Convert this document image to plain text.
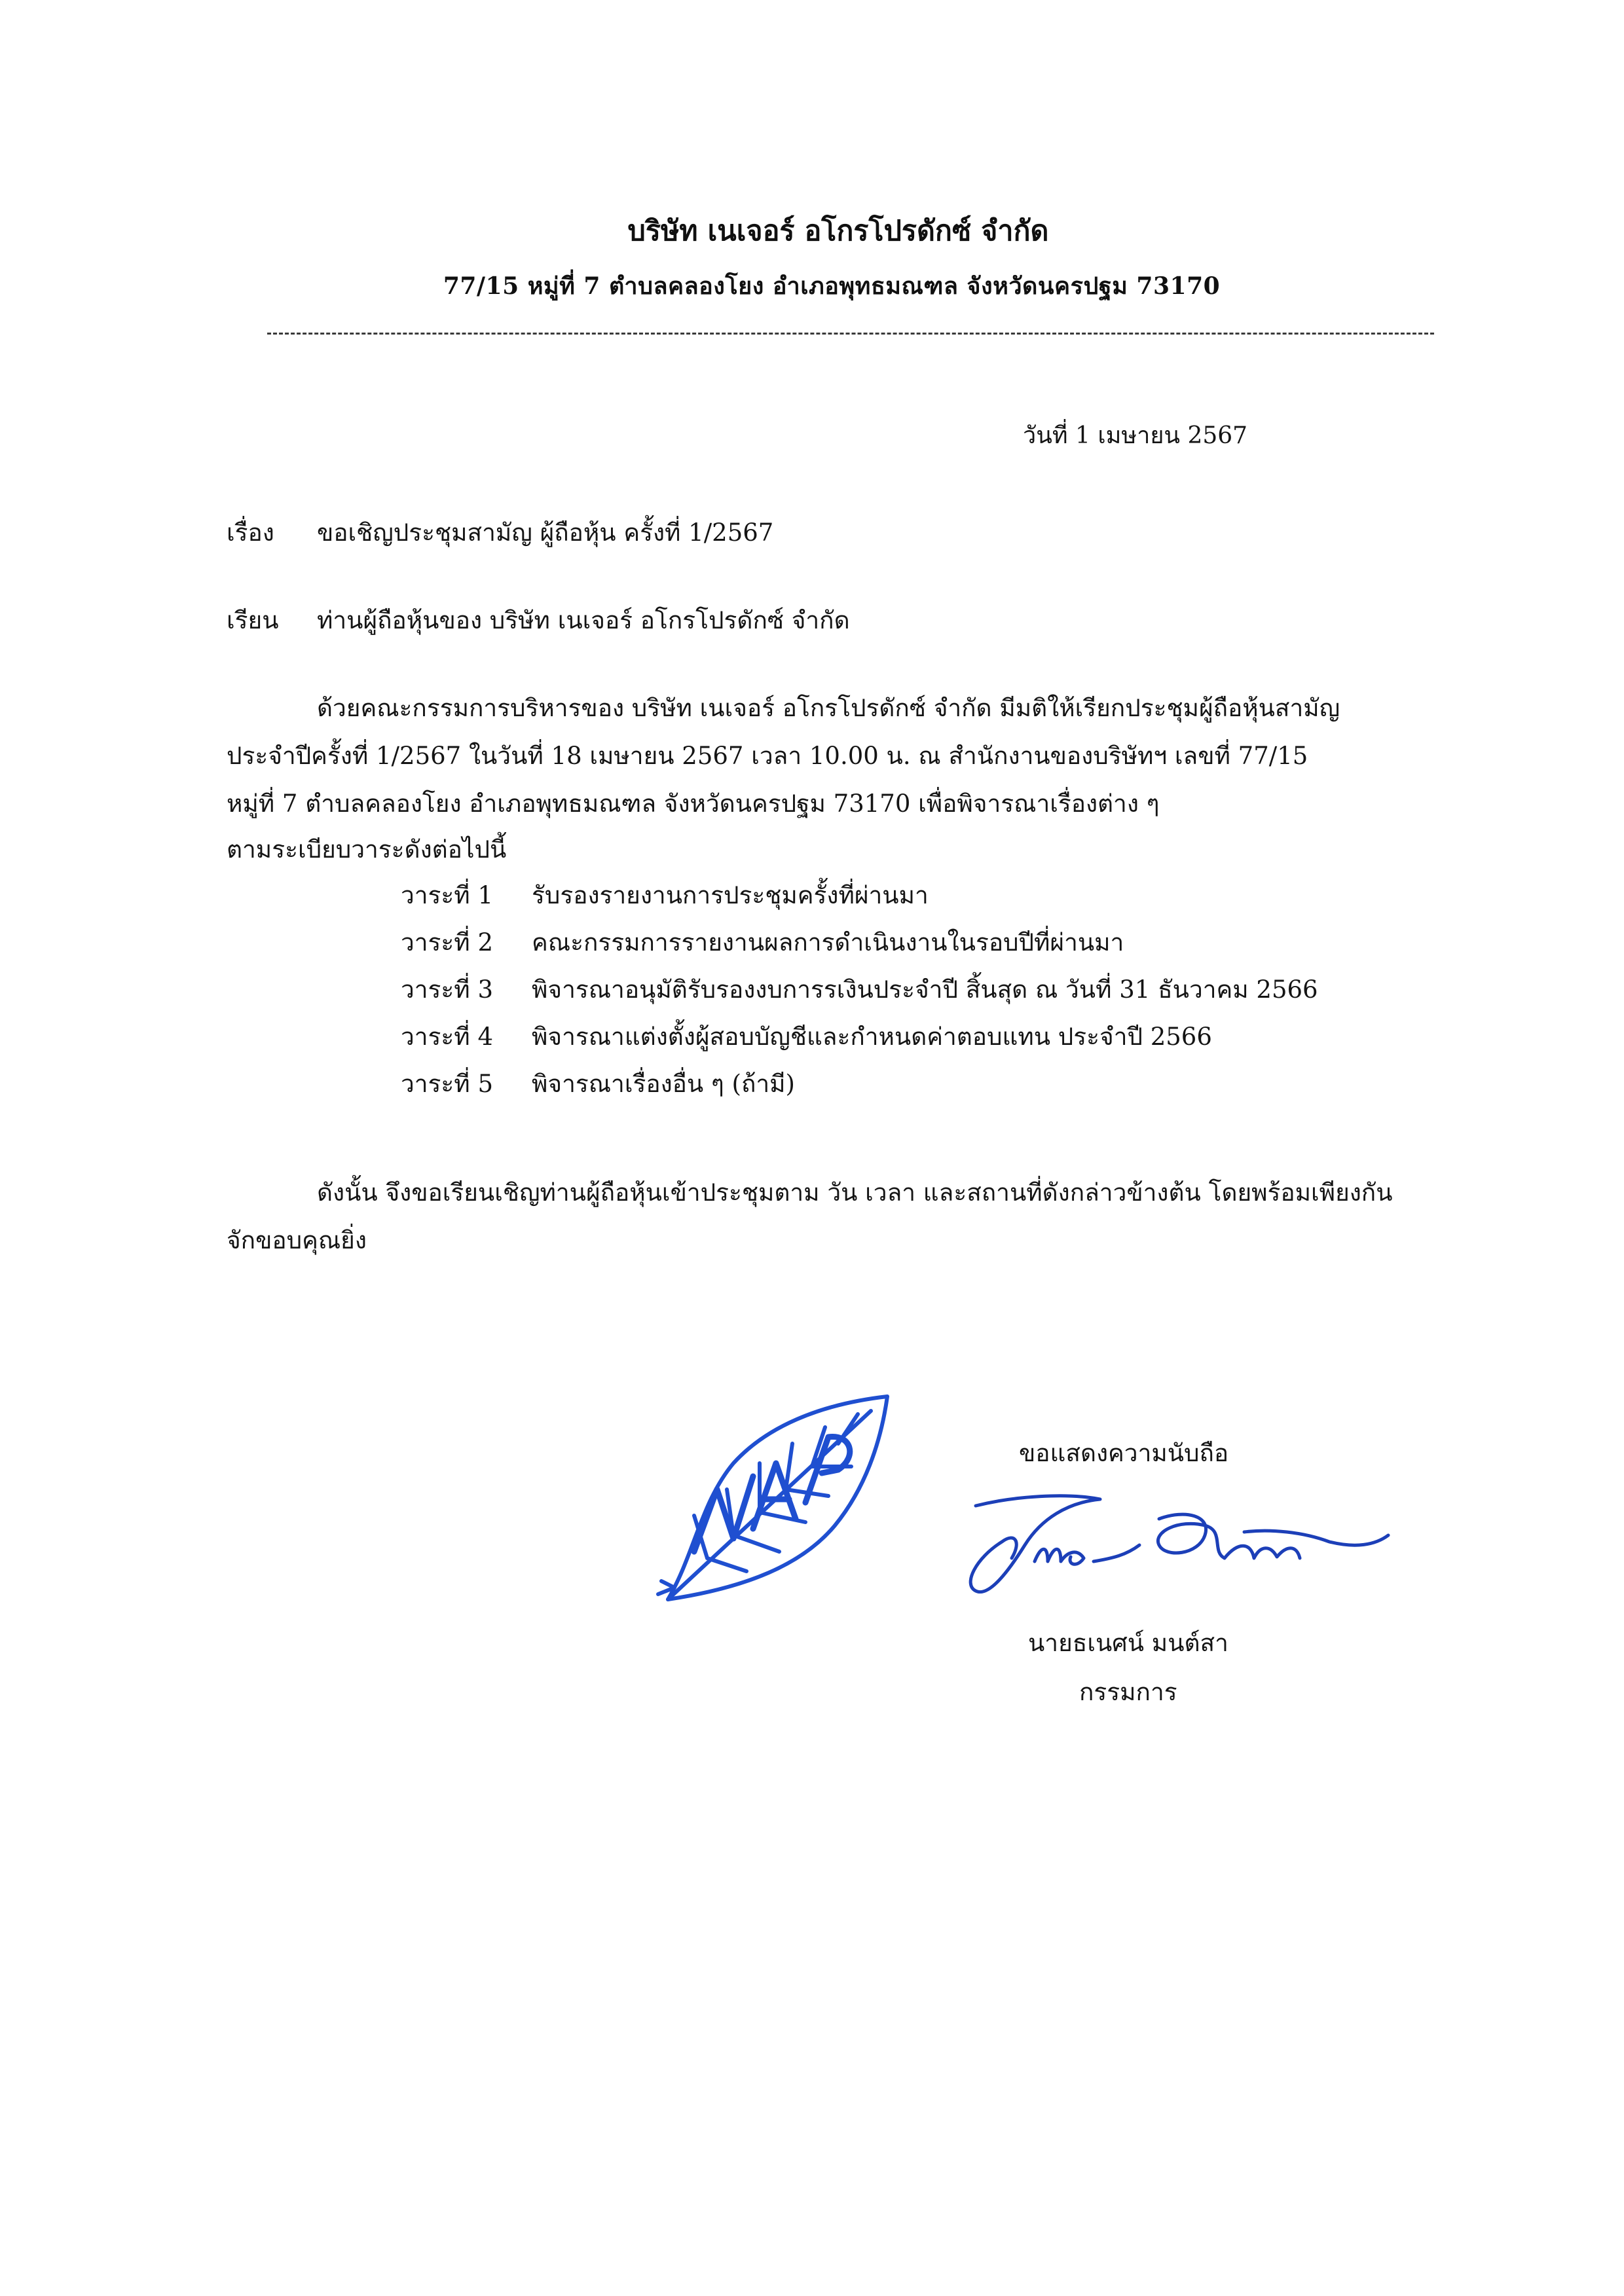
บริษัท เนเจอร์ อโกรโปรดักซ์ จำกัด
77/15 หมู่ที่ 7 ตำบลคลองโยง อำเภอพุทธมณฑล จังหวัดนครปฐม 73170
วันที่ 1 เมษายน 2567
เรื่อง ขอเชิญประชุมสามัญ ผู้ถือหุ้น ครั้งที่ 1/2567
เรียน ท่านผู้ถือหุ้นของ บริษัท เนเจอร์ อโกรโปรดักซ์ จำกัด
ด้วยคณะกรรมการบริหารของ บริษัท เนเจอร์ อโกรโปรดักซ์ จำกัด มีมติให้เรียกประชุมผู้ถือหุ้นสามัญ
ประจำปีครั้งที่ 1/2567 ในวันที่ 18 เมษายน 2567 เวลา 10.00 น. ณ สำนักงานของบริษัทฯ เลขที่ 77/15
หมู่ที่ 7 ตำบลคลองโยง อำเภอพุทธมณฑล จังหวัดนครปฐม 73170 เพื่อพิจารณาเรื่องต่าง ๆ
ตามระเบียบวาระดังต่อไปนี้
วาระที่ 1 รับรองรายงานการประชุมครั้งที่ผ่านมา
วาระที่ 2 คณะกรรมการรายงานผลการดำเนินงานในรอบปีที่ผ่านมา
วาระที่ 3 พิจารณาอนุมัติรับรองงบการรเงินประจำปี สิ้นสุด ณ วันที่ 31 ธันวาคม 2566
วาระที่ 4 พิจารณาแต่งตั้งผู้สอบบัญชีและกำหนดค่าตอบแทน ประจำปี 2566
วาระที่ 5 พิจารณาเรื่องอื่น ๆ (ถ้ามี)
ดังนั้น จึงขอเรียนเชิญท่านผู้ถือหุ้นเข้าประชุมตาม วัน เวลา และสถานที่ดังกล่าวข้างต้น โดยพร้อมเพียงกัน
จักขอบคุณยิ่ง
ขอแสดงความนับถือ
นายธเนศน์ มนต์สา
กรรมการ
